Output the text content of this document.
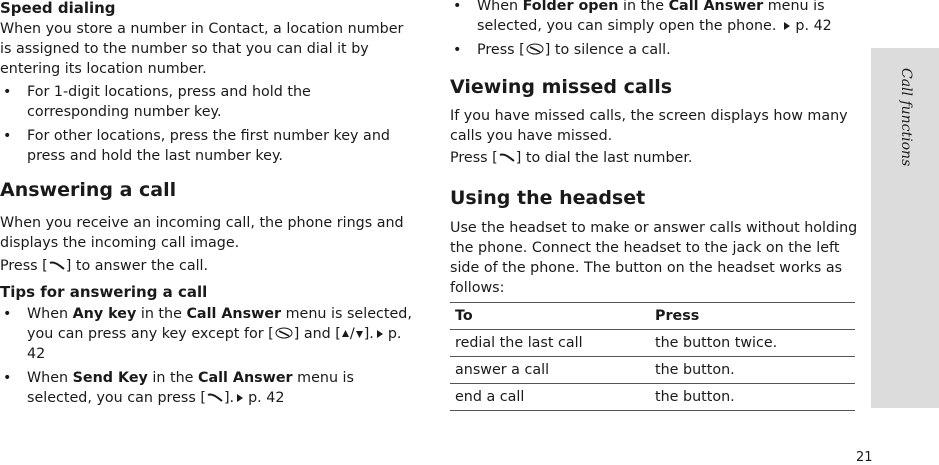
Speed dialing

When you store a number in Contact, a location number is assigned to the number so that you can dial it by entering its location number.

• For 1-digit locations, press and hold the corresponding number key.
• For other locations, press the first number key and press and hold the last number key.
Answering a call

When you receive an incoming call, the phone rings and displays the incoming call image.

Press [ ] to answer the call.

Tips for answering a call
• When Any key in the Call Answer menu is selected, you can press any key except for [ ] and [ / ]. p. 42
• When Send Key in the Call Answer menu is selected, you can press [ ]. p. 42
• When Folder open in the Call Answer menu is selected, you can simply open the phone. p. 42
• Press [ ] to silence a call.
Viewing missed calls

If you have missed calls, the screen displays how many calls you have missed.

Press [ ] to dial the last number.

Using the headset

Use the headset to make or answer calls without holding the phone. Connect the headset to the jack on the left side of the phone. The button on the headset works as follows:

To	Press
redial the last call	the button twice.
answer a call	the button.
end a call	the button.
Call functions
21
